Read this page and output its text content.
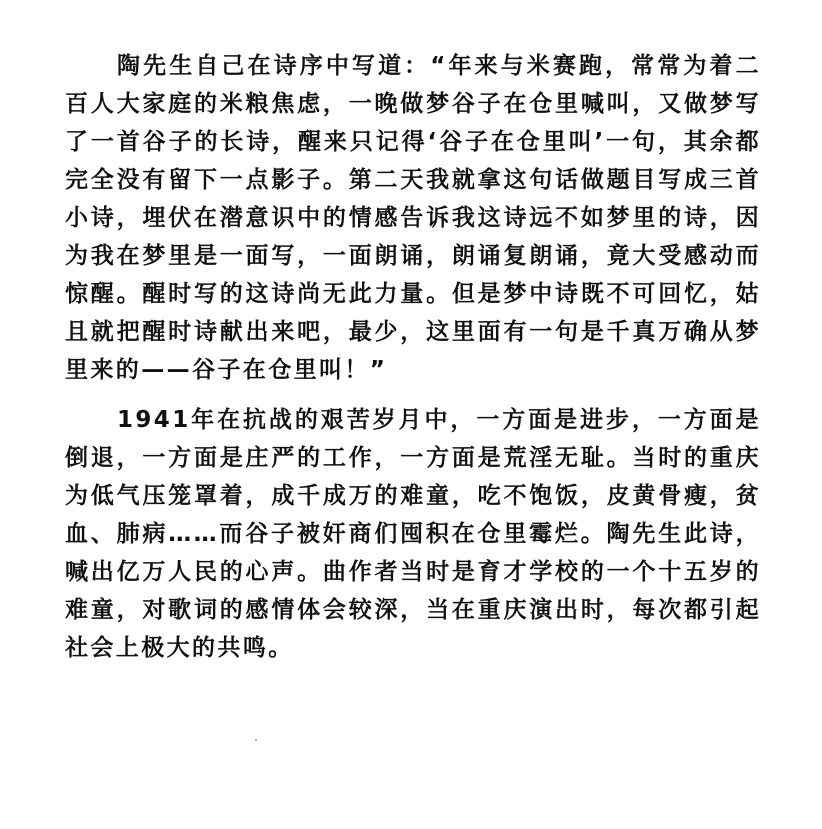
陶先生自己在诗序中写道：“年来与米赛跑，常常为着二百人大家庭的米粮焦虑，一晚做梦谷子在仓里喊叫，又做梦写了一首谷子的长诗，醒来只记得‘谷子在仓里叫’一句，其余都完全没有留下一点影子。第二天我就拿这句话做题目写成三首小诗，埋伏在潜意识中的情感告诉我这诗远不如梦里的诗，因为我在梦里是一面写，一面朗诵，朗诵复朗诵，竟大受感动而惊醒。醒时写的这诗尚无此力量。但是梦中诗既不可回忆，姑且就把醒时诗献出来吧，最少，这里面有一句是千真万确从梦里来的——谷子在仓里叫！”

1941年在抗战的艰苦岁月中，一方面是进步，一方面是倒退，一方面是庄严的工作，一方面是荒淫无耻。当时的重庆为低气压笼罩着，成千成万的难童，吃不饱饭，皮黄骨瘦，贫血、肺病……而谷子被奸商们囤积在仓里霉烂。陶先生此诗，喊出亿万人民的心声。曲作者当时是育才学校的一个十五岁的难童，对歌词的感情体会较深，当在重庆演出时，每次都引起社会上极大的共鸣。
